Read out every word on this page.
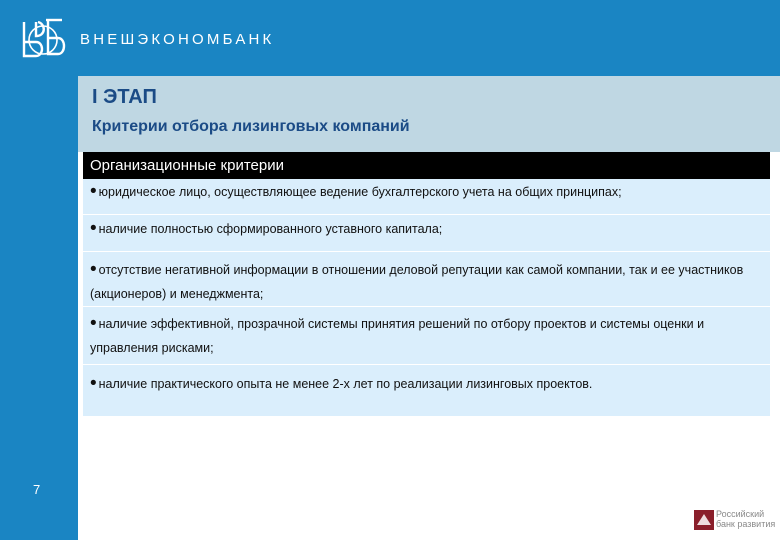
ВНЕШЭКОНОМБАНК
I ЭТАП
Критерии отбора лизинговых компаний
Организационные критерии
• юридическое лицо, осуществляющее ведение бухгалтерского учета на общих принципах;
• наличие полностью сформированного уставного капитала;
• отсутствие негативной информации в отношении деловой репутации как самой компании, так и ее участников (акционеров) и менеджмента;
• наличие эффективной, прозрачной системы принятия решений по отбору проектов и системы оценки и управления рисками;
• наличие практического опыта не менее 2-х лет по реализации лизинговых проектов.
7
Российский
банк развития
